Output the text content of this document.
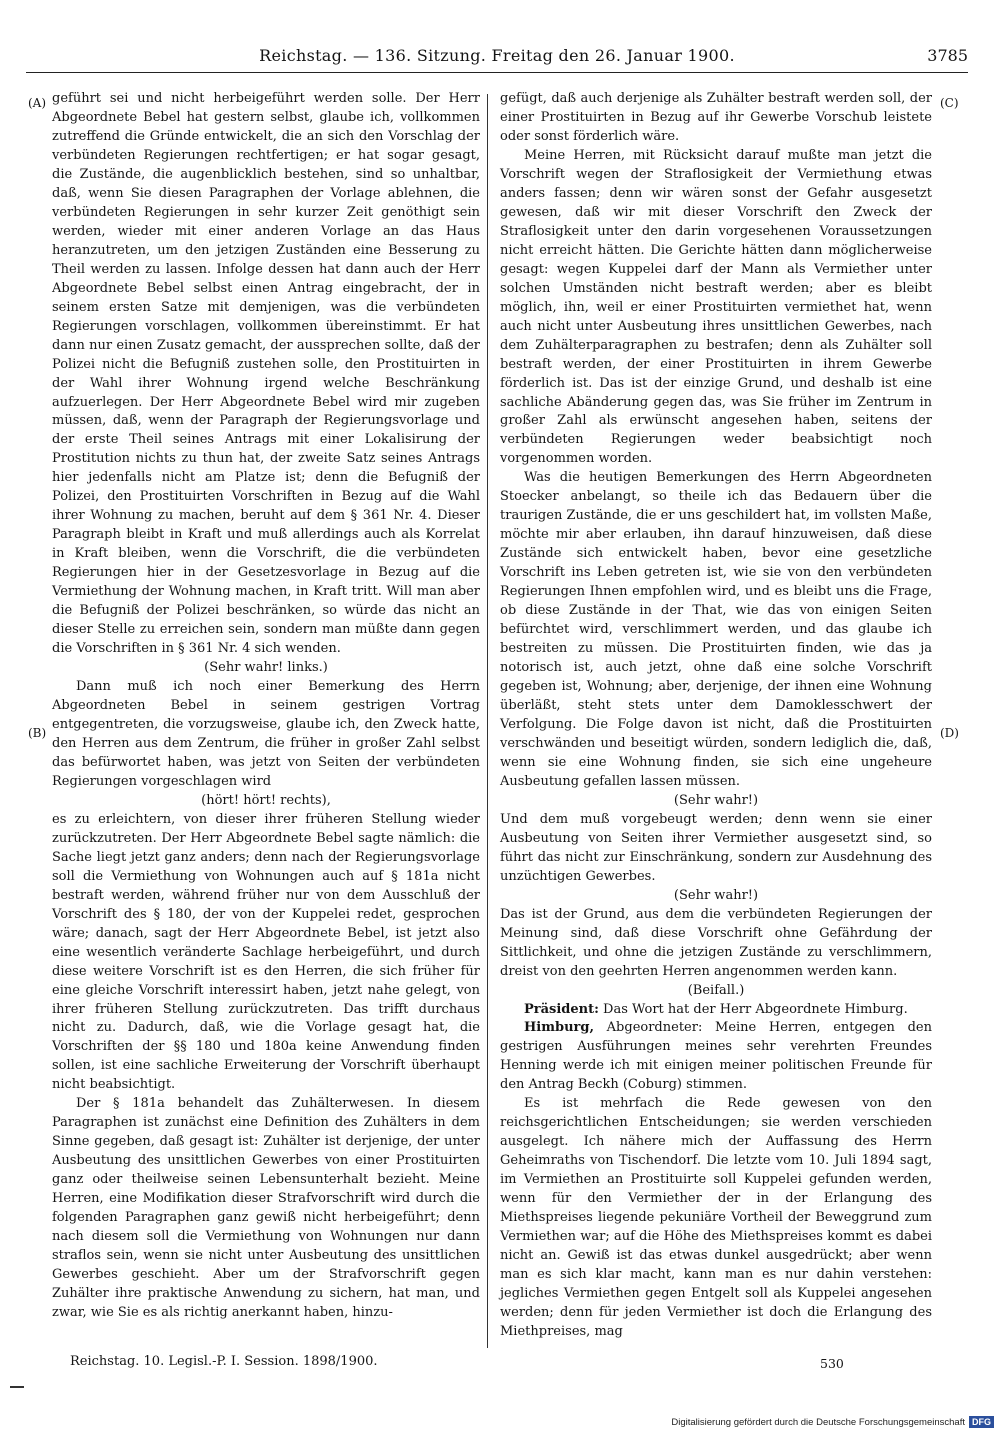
Reichstag. — 136. Sitzung. Freitag den 26. Januar 1900.	3785
(A)
(B)
(C)
(D)

geführt sei und nicht herbeigeführt werden solle. Der Herr Abgeordnete Bebel hat gestern selbst, glaube ich, vollkommen zutreffend die Gründe entwickelt, die an sich den Vorschlag der verbündeten Regierungen rechtfertigen; er hat sogar gesagt, die Zustände, die augenblicklich bestehen, sind so unhaltbar, daß, wenn Sie diesen Paragraphen der Vorlage ablehnen, die verbündeten Regierungen in sehr kurzer Zeit genöthigt sein werden, wieder mit einer anderen Vorlage an das Haus heranzutreten, um den jetzigen Zuständen eine Besserung zu Theil werden zu lassen. Infolge dessen hat dann auch der Herr Abgeordnete Bebel selbst einen Antrag eingebracht, der in seinem ersten Satze mit demjenigen, was die verbündeten Regierungen vorschlagen, vollkommen übereinstimmt. Er hat dann nur einen Zusatz gemacht, der aussprechen sollte, daß der Polizei nicht die Befugniß zustehen solle, den Prostituirten in der Wahl ihrer Wohnung irgend welche Beschränkung aufzuerlegen. Der Herr Abgeordnete Bebel wird mir zugeben müssen, daß, wenn der Paragraph der Regierungsvorlage und der erste Theil seines Antrags mit einer Lokalisirung der Prostitution nichts zu thun hat, der zweite Satz seines Antrags hier jedenfalls nicht am Platze ist; denn die Befugniß der Polizei, den Prostituirten Vorschriften in Bezug auf die Wahl ihrer Wohnung zu machen, beruht auf dem § 361 Nr. 4. Dieser Paragraph bleibt in Kraft und muß allerdings auch als Korrelat in Kraft bleiben, wenn die Vorschrift, die die verbündeten Regierungen hier in der Gesetzesvorlage in Bezug auf die Vermiethung der Wohnung machen, in Kraft tritt. Will man aber die Befugniß der Polizei beschränken, so würde das nicht an dieser Stelle zu erreichen sein, sondern man müßte dann gegen die Vorschriften in § 361 Nr. 4 sich wenden.

(Sehr wahr! links.)

Dann muß ich noch einer Bemerkung des Herrn Abgeordneten Bebel in seinem gestrigen Vortrag entgegentreten, die vorzugsweise, glaube ich, den Zweck hatte, den Herren aus dem Zentrum, die früher in großer Zahl selbst das befürwortet haben, was jetzt von Seiten der verbündeten Regierungen vorgeschlagen wird

(hört! hört! rechts),

es zu erleichtern, von dieser ihrer früheren Stellung wieder zurückzutreten. Der Herr Abgeordnete Bebel sagte nämlich: die Sache liegt jetzt ganz anders; denn nach der Regierungsvorlage soll die Vermiethung von Wohnungen auch auf § 181a nicht bestraft werden, während früher nur von dem Ausschluß der Vorschrift des § 180, der von der Kuppelei redet, gesprochen wäre; danach, sagt der Herr Abgeordnete Bebel, ist jetzt also eine wesentlich veränderte Sachlage herbeigeführt, und durch diese weitere Vorschrift ist es den Herren, die sich früher für eine gleiche Vorschrift interessirt haben, jetzt nahe gelegt, von ihrer früheren Stellung zurückzutreten. Das trifft durchaus nicht zu. Dadurch, daß, wie die Vorlage gesagt hat, die Vorschriften der §§ 180 und 180a keine Anwendung finden sollen, ist eine sachliche Erweiterung der Vorschrift überhaupt nicht beabsichtigt.

Der § 181a behandelt das Zuhälterwesen. In diesem Paragraphen ist zunächst eine Definition des Zuhälters in dem Sinne gegeben, daß gesagt ist: Zuhälter ist derjenige, der unter Ausbeutung des unsittlichen Gewerbes von einer Prostituirten ganz oder theilweise seinen Lebensunterhalt bezieht. Meine Herren, eine Modifikation dieser Strafvorschrift wird durch die folgenden Paragraphen ganz gewiß nicht herbeigeführt; denn nach diesem soll die Vermiethung von Wohnungen nur dann straflos sein, wenn sie nicht unter Ausbeutung des unsittlichen Gewerbes geschieht. Aber um der Strafvorschrift gegen Zuhälter ihre praktische Anwendung zu sichern, hat man, und zwar, wie Sie es als richtig anerkannt haben, hinzu-

gefügt, daß auch derjenige als Zuhälter bestraft werden soll, der einer Prostituirten in Bezug auf ihr Gewerbe Vorschub leistete oder sonst förderlich wäre.

Meine Herren, mit Rücksicht darauf mußte man jetzt die Vorschrift wegen der Straflosigkeit der Vermiethung etwas anders fassen; denn wir wären sonst der Gefahr ausgesetzt gewesen, daß wir mit dieser Vorschrift den Zweck der Straflosigkeit unter den darin vorgesehenen Voraussetzungen nicht erreicht hätten. Die Gerichte hätten dann möglicherweise gesagt: wegen Kuppelei darf der Mann als Vermiether unter solchen Umständen nicht bestraft werden; aber es bleibt möglich, ihn, weil er einer Prostituirten vermiethet hat, wenn auch nicht unter Ausbeutung ihres unsittlichen Gewerbes, nach dem Zuhälterparagraphen zu bestrafen; denn als Zuhälter soll bestraft werden, der einer Prostituirten in ihrem Gewerbe förderlich ist. Das ist der einzige Grund, und deshalb ist eine sachliche Abänderung gegen das, was Sie früher im Zentrum in großer Zahl als erwünscht angesehen haben, seitens der verbündeten Regierungen weder beabsichtigt noch vorgenommen worden.

Was die heutigen Bemerkungen des Herrn Abgeordneten Stoecker anbelangt, so theile ich das Bedauern über die traurigen Zustände, die er uns geschildert hat, im vollsten Maße, möchte mir aber erlauben, ihn darauf hinzuweisen, daß diese Zustände sich entwickelt haben, bevor eine gesetzliche Vorschrift ins Leben getreten ist, wie sie von den verbündeten Regierungen Ihnen empfohlen wird, und es bleibt uns die Frage, ob diese Zustände in der That, wie das von einigen Seiten befürchtet wird, verschlimmert werden, und das glaube ich bestreiten zu müssen. Die Prostituirten finden, wie das ja notorisch ist, auch jetzt, ohne daß eine solche Vorschrift gegeben ist, Wohnung; aber, derjenige, der ihnen eine Wohnung überläßt, steht stets unter dem Damoklesschwert der Verfolgung. Die Folge davon ist nicht, daß die Prostituirten verschwänden und beseitigt würden, sondern lediglich die, daß, wenn sie eine Wohnung finden, sie sich eine ungeheure Ausbeutung gefallen lassen müssen.

(Sehr wahr!)

Und dem muß vorgebeugt werden; denn wenn sie einer Ausbeutung von Seiten ihrer Vermiether ausgesetzt sind, so führt das nicht zur Einschränkung, sondern zur Ausdehnung des unzüchtigen Gewerbes.

(Sehr wahr!)

Das ist der Grund, aus dem die verbündeten Regierungen der Meinung sind, daß diese Vorschrift ohne Gefährdung der Sittlichkeit, und ohne die jetzigen Zustände zu verschlimmern, dreist von den geehrten Herren angenommen werden kann.

(Beifall.)

Präsident: Das Wort hat der Herr Abgeordnete Himburg.

Himburg, Abgeordneter: Meine Herren, entgegen den gestrigen Ausführungen meines sehr verehrten Freundes Henning werde ich mit einigen meiner politischen Freunde für den Antrag Beckh (Coburg) stimmen.

Es ist mehrfach die Rede gewesen von den reichsgerichtlichen Entscheidungen; sie werden verschieden ausgelegt. Ich nähere mich der Auffassung des Herrn Geheimraths von Tischendorf. Die letzte vom 10. Juli 1894 sagt, im Vermiethen an Prostituirte soll Kuppelei gefunden werden, wenn für den Vermiether der in der Erlangung des Miethspreises liegende pekuniäre Vortheil der Beweggrund zum Vermiethen war; auf die Höhe des Miethspreises kommt es dabei nicht an. Gewiß ist das etwas dunkel ausgedrückt; aber wenn man es sich klar macht, kann man es nur dahin verstehen: jegliches Vermiethen gegen Entgelt soll als Kuppelei angesehen werden; denn für jeden Vermiether ist doch die Erlangung des Miethpreises, mag

Reichstag. 10. Legisl.-P. I. Session. 1898/1900.	530
Digitalisierung gefördert durch die Deutsche Forschungsgemeinschaft DFG
